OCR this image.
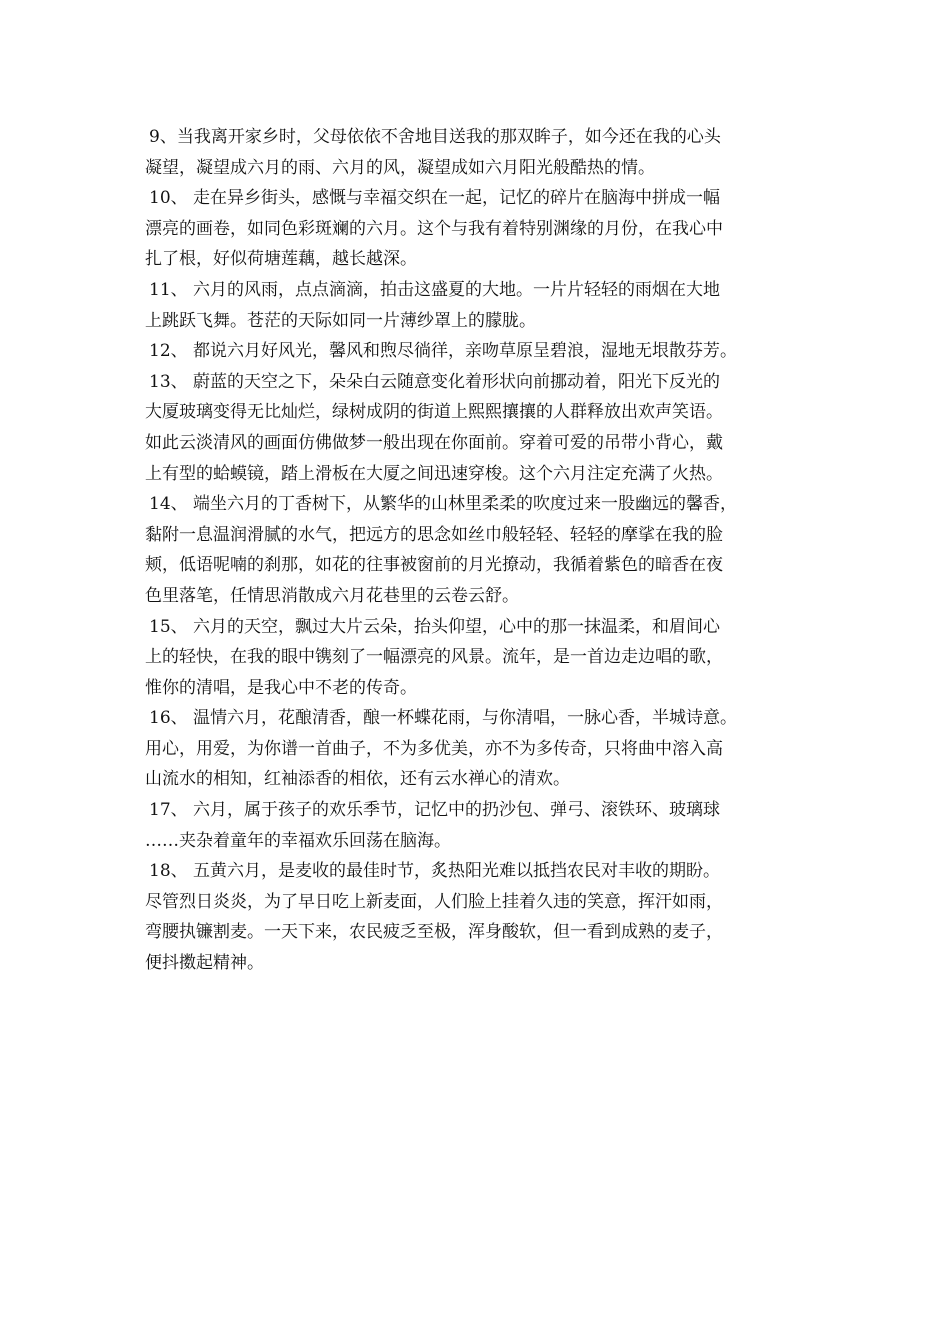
9、当我离开家乡时，父母依依不舍地目送我的那双眸子，如今还在我的心头
凝望，凝望成六月的雨、六月的风，凝望成如六月阳光般酷热的情。
10、 走在异乡街头，感慨与幸福交织在一起，记忆的碎片在脑海中拼成一幅
漂亮的画卷，如同色彩斑斓的六月。这个与我有着特别渊缘的月份，在我心中
扎了根，好似荷塘莲藕，越长越深。
11、 六月的风雨，点点滴滴，拍击这盛夏的大地。一片片轻轻的雨烟在大地
上跳跃飞舞。苍茫的天际如同一片薄纱罩上的朦胧。
12、 都说六月好风光，馨风和煦尽徜徉，亲吻草原呈碧浪，湿地无垠散芬芳。
13、 蔚蓝的天空之下，朵朵白云随意变化着形状向前挪动着，阳光下反光的
大厦玻璃变得无比灿烂，绿树成阴的街道上熙熙攘攘的人群释放出欢声笑语。
如此云淡清风的画面仿佛做梦一般出现在你面前。穿着可爱的吊带小背心，戴
上有型的蛤蟆镜，踏上滑板在大厦之间迅速穿梭。这个六月注定充满了火热。
14、 端坐六月的丁香树下，从繁华的山林里柔柔的吹度过来一股幽远的馨香，
黏附一息温润滑腻的水气，把远方的思念如丝巾般轻轻、轻轻的摩挲在我的脸
颊，低语呢喃的刹那，如花的往事被窗前的月光撩动，我循着紫色的暗香在夜
色里落笔，任情思消散成六月花巷里的云卷云舒。
15、 六月的天空，飘过大片云朵，抬头仰望，心中的那一抹温柔，和眉间心
上的轻快，在我的眼中镌刻了一幅漂亮的风景。流年，是一首边走边唱的歌，
惟你的清唱，是我心中不老的传奇。
16、 温情六月，花酿清香，酿一杯蝶花雨，与你清唱，一脉心香，半城诗意。
用心，用爱，为你谱一首曲子，不为多优美，亦不为多传奇，只将曲中溶入高
山流水的相知，红袖添香的相依，还有云水禅心的清欢。
17、 六月，属于孩子的欢乐季节，记忆中的扔沙包、弹弓、滚铁环、玻璃球
……夹杂着童年的幸福欢乐回荡在脑海。
18、 五黄六月，是麦收的最佳时节，炙热阳光难以抵挡农民对丰收的期盼。
尽管烈日炎炎，为了早日吃上新麦面，人们脸上挂着久违的笑意，挥汗如雨，
弯腰执镰割麦。一天下来，农民疲乏至极，浑身酸软，但一看到成熟的麦子，
便抖擞起精神。
